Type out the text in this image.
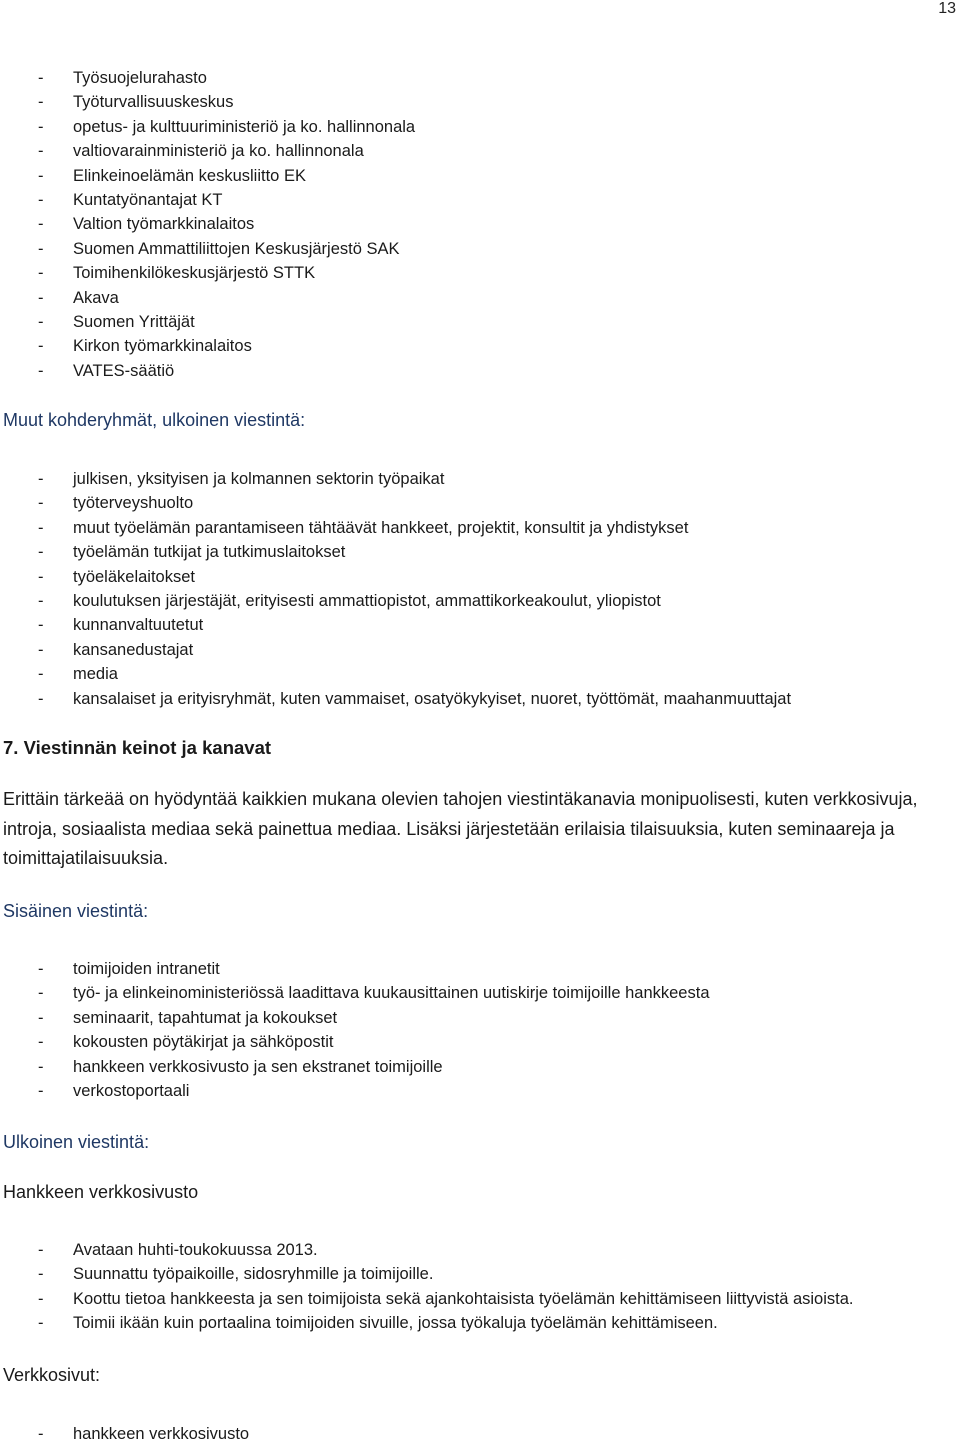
13
- Työsuojelurahasto
- Työturvallisuuskeskus
- opetus- ja kulttuuriministeriö ja ko. hallinnonala
- valtiovarainministeriö ja ko. hallinnonala
- Elinkeinoelämän keskusliitto EK
- Kuntatyönantajat KT
- Valtion työmarkkinalaitos
- Suomen Ammattiliittojen Keskusjärjestö SAK
- Toimihenkilökeskusjärjestö STTK
- Akava
- Suomen Yrittäjät
- Kirkon työmarkkinalaitos
- VATES-säätiö
Muut kohderyhmät, ulkoinen viestintä:
- julkisen, yksityisen ja kolmannen sektorin työpaikat
- työterveyshuolto
- muut työelämän parantamiseen tähtäävät hankkeet, projektit, konsultit ja yhdistykset
- työelämän tutkijat ja tutkimuslaitokset
- työeläkelaitokset
- koulutuksen järjestäjät, erityisesti ammattiopistot, ammattikorkeakoulut, yliopistot
- kunnanvaltuutetut
- kansanedustajat
- media
- kansalaiset ja erityisryhmät, kuten vammaiset, osatyökykyiset, nuoret, työttömät, maahanmuuttajat
7. Viestinnän keinot ja kanavat
Erittäin tärkeää on hyödyntää kaikkien mukana olevien tahojen viestintäkanavia monipuolisesti, kuten verkkosivuja, introja, sosiaalista mediaa sekä painettua mediaa. Lisäksi järjestetään erilaisia tilaisuuksia, kuten seminaareja ja toimittajatilaisuuksia.
Sisäinen viestintä:
- toimijoiden intranetit
- työ- ja elinkeinoministeriössä laadittava kuukausittainen uutiskirje toimijoille hankkeesta
- seminaarit, tapahtumat ja kokoukset
- kokousten pöytäkirjat ja sähköpostit
- hankkeen verkkosivusto ja sen ekstranet toimijoille
- verkostoportaali
Ulkoinen viestintä:
Hankkeen verkkosivusto
- Avataan huhti-toukokuussa 2013.
- Suunnattu työpaikoille, sidosryhmille ja toimijoille.
- Koottu tietoa hankkeesta ja sen toimijoista sekä ajankohtaisista työelämän kehittämiseen liittyvistä asioista.
- Toimii ikään kuin portaalina toimijoiden sivuille, jossa työkaluja työelämän kehittämiseen.
Verkkosivut:
- hankkeen verkkosivusto
